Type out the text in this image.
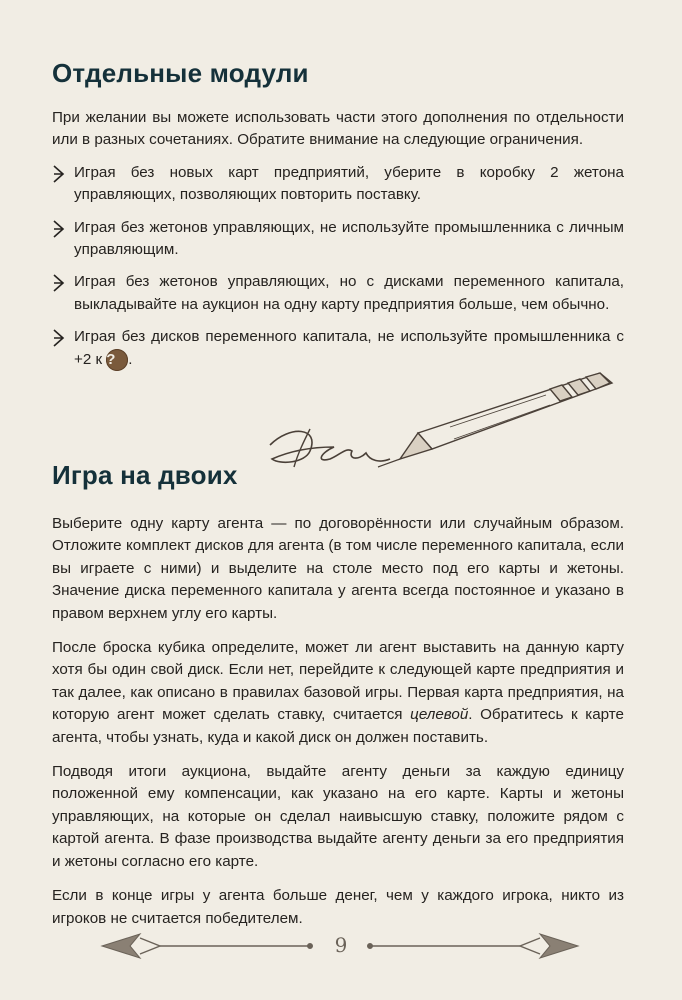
Отдельные модули

При желании вы можете использовать части этого дополнения по отдельности или в разных сочетаниях. Обратите внимание на следующие ограничения.

Играя без новых карт предприятий, уберите в коробку 2 жетона управляющих, позволяющих повторить поставку.
Играя без жетонов управляющих, не используйте промышленника с личным управляющим.
Играя без жетонов управляющих, но с дисками переменного капитала, выкладывайте на аукцион на одну карту предприятия больше, чем обычно.
Играя без дисков переменного капитала, не используйте промышленника с +2 к ? .
Игра на двоих

Выберите одну карту агента — по договорённости или случайным образом. Отложите комплект дисков для агента (в том числе переменного капитала, если вы играете с ними) и выделите на столе место под его карты и жетоны. Значение диска переменного капитала у агента всегда постоянное и указано в правом верхнем углу его карты.

После броска кубика определите, может ли агент выставить на данную карту хотя бы один свой диск. Если нет, перейдите к следующей карте предприятия и так далее, как описано в правилах базовой игры. Первая карта предприятия, на которую агент может сделать ставку, считается целевой. Обратитесь к карте агента, чтобы узнать, куда и какой диск он должен поставить.

Подводя итоги аукциона, выдайте агенту деньги за каждую единицу положенной ему компенсации, как указано на его карте. Карты и жетоны управляющих, на которые он сделал наивысшую ставку, положите рядом с картой агента. В фазе производства выдайте агенту деньги за его предприятия и жетоны согласно его карте.

Если в конце игры у агента больше денег, чем у каждого игрока, никто из игроков не считается победителем.

9
